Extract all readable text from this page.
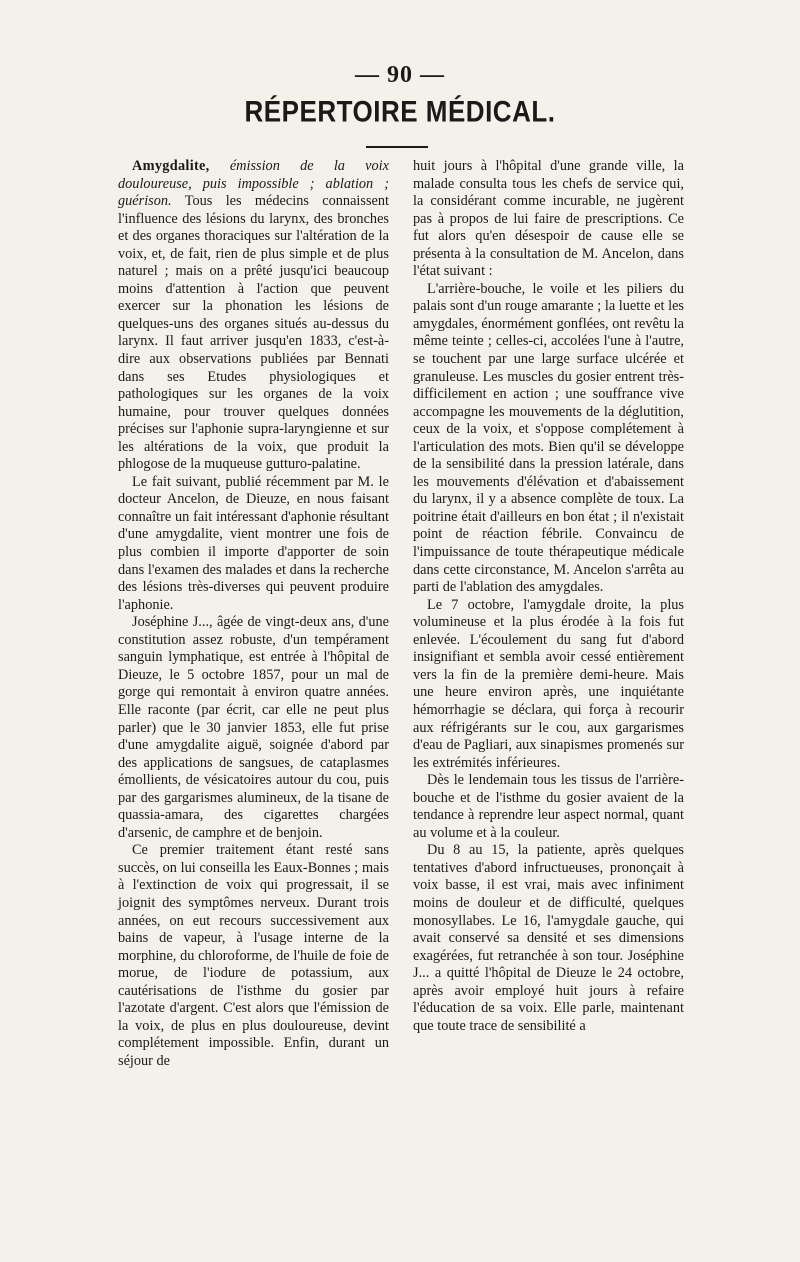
— 90 —
RÉPERTOIRE MÉDICAL.

Amygdalite, émission de la voix douloureuse, puis impossible ; ablation ; guérison. Tous les médecins connaissent l'influence des lésions du larynx, des bronches et des organes thoraciques sur l'altération de la voix, et, de fait, rien de plus simple et de plus naturel ; mais on a prêté jusqu'ici beaucoup moins d'attention à l'action que peuvent exercer sur la phonation les lésions de quelques-uns des organes situés au-dessus du larynx. Il faut arriver jusqu'en 1833, c'est-à-dire aux observations publiées par Bennati dans ses Etudes physiologiques et pathologiques sur les organes de la voix humaine, pour trouver quelques données précises sur l'aphonie supra-laryngienne et sur les altérations de la voix, que produit la phlogose de la muqueuse gutturo-palatine.

Le fait suivant, publié récemment par M. le docteur Ancelon, de Dieuze, en nous faisant connaître un fait intéressant d'aphonie résultant d'une amygdalite, vient montrer une fois de plus combien il importe d'apporter de soin dans l'examen des malades et dans la recherche des lésions très-diverses qui peuvent produire l'aphonie.

Joséphine J..., âgée de vingt-deux ans, d'une constitution assez robuste, d'un tempérament sanguin lymphatique, est entrée à l'hôpital de Dieuze, le 5 octobre 1857, pour un mal de gorge qui remontait à environ quatre années. Elle raconte (par écrit, car elle ne peut plus parler) que le 30 janvier 1853, elle fut prise d'une amygdalite aiguë, soignée d'abord par des applications de sangsues, de cataplasmes émollients, de vésicatoires autour du cou, puis par des gargarismes alumineux, de la tisane de quassia-amara, des cigarettes chargées d'arsenic, de camphre et de benjoin.

Ce premier traitement étant resté sans succès, on lui conseilla les Eaux-Bonnes ; mais à l'extinction de voix qui progressait, il se joignit des symptômes nerveux. Durant trois années, on eut recours successivement aux bains de vapeur, à l'usage interne de la morphine, du chloroforme, de l'huile de foie de morue, de l'iodure de potassium, aux cautérisations de l'isthme du gosier par l'azotate d'argent. C'est alors que l'émission de la voix, de plus en plus douloureuse, devint complétement impossible. Enfin, durant un séjour de

huit jours à l'hôpital d'une grande ville, la malade consulta tous les chefs de service qui, la considérant comme incurable, ne jugèrent pas à propos de lui faire de prescriptions. Ce fut alors qu'en désespoir de cause elle se présenta à la consultation de M. Ancelon, dans l'état suivant :

L'arrière-bouche, le voile et les piliers du palais sont d'un rouge amarante ; la luette et les amygdales, énormément gonflées, ont revêtu la même teinte ; celles-ci, accolées l'une à l'autre, se touchent par une large surface ulcérée et granuleuse. Les muscles du gosier entrent très-difficilement en action ; une souffrance vive accompagne les mouvements de la déglutition, ceux de la voix, et s'oppose complétement à l'articulation des mots. Bien qu'il se développe de la sensibilité dans la pression latérale, dans les mouvements d'élévation et d'abaissement du larynx, il y a absence complète de toux. La poitrine était d'ailleurs en bon état ; il n'existait point de réaction fébrile. Convaincu de l'impuissance de toute thérapeutique médicale dans cette circonstance, M. Ancelon s'arrêta au parti de l'ablation des amygdales.

Le 7 octobre, l'amygdale droite, la plus volumineuse et la plus érodée à la fois fut enlevée. L'écoulement du sang fut d'abord insignifiant et sembla avoir cessé entièrement vers la fin de la première demi-heure. Mais une heure environ après, une inquiétante hémorrhagie se déclara, qui força à recourir aux réfrigérants sur le cou, aux gargarismes d'eau de Pagliari, aux sinapismes promenés sur les extrémités inférieures.

Dès le lendemain tous les tissus de l'arrière-bouche et de l'isthme du gosier avaient de la tendance à reprendre leur aspect normal, quant au volume et à la couleur.

Du 8 au 15, la patiente, après quelques tentatives d'abord infructueuses, prononçait à voix basse, il est vrai, mais avec infiniment moins de douleur et de difficulté, quelques monosyllabes. Le 16, l'amygdale gauche, qui avait conservé sa densité et ses dimensions exagérées, fut retranchée à son tour. Joséphine J... a quitté l'hôpital de Dieuze le 24 octobre, après avoir employé huit jours à refaire l'éducation de sa voix. Elle parle, maintenant que toute trace de sensibilité a
